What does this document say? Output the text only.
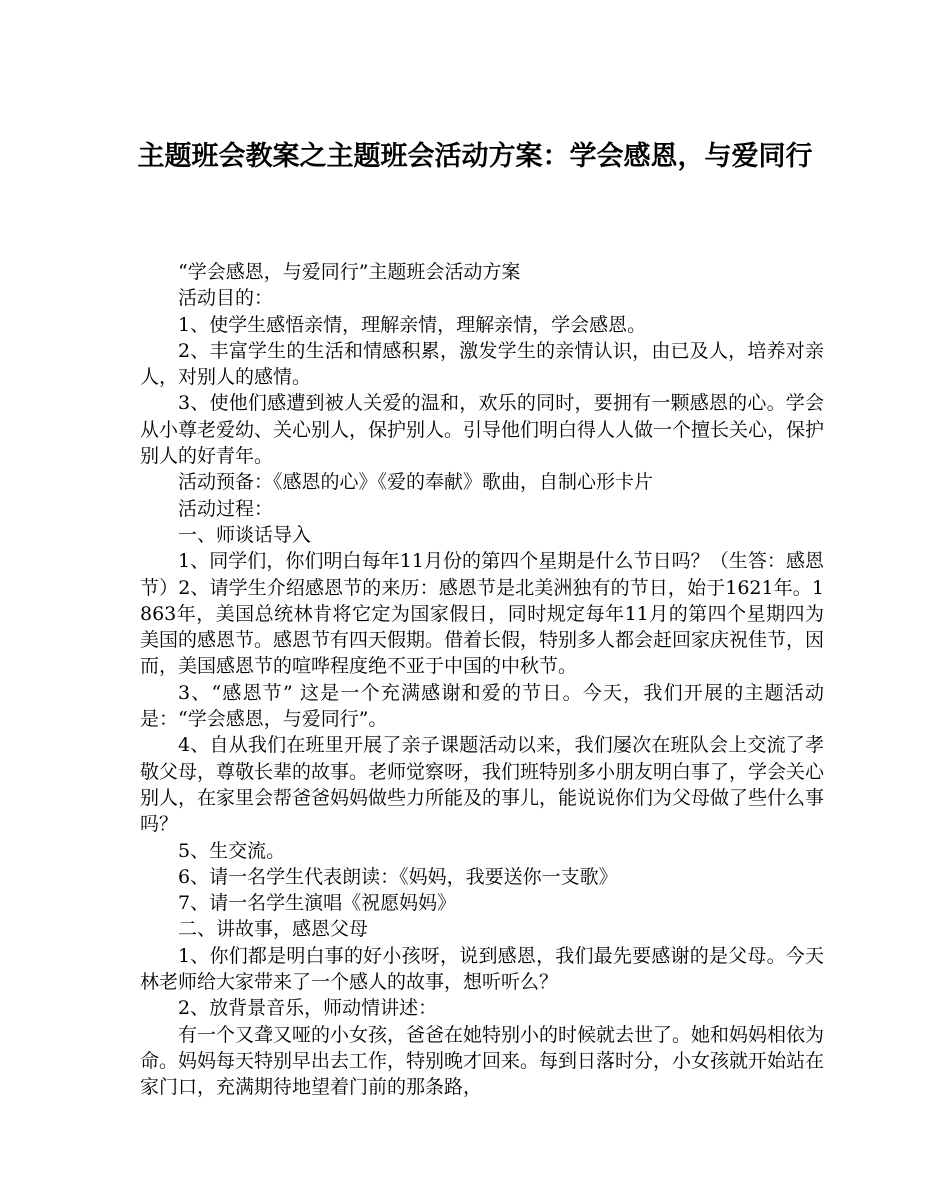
主题班会教案之主题班会活动方案：学会感恩，与爱同行

“学会感恩，与爱同行”主题班会活动方案

活动目的：

1、使学生感悟亲情，理解亲情，理解亲情，学会感恩。

2、丰富学生的生活和情感积累，激发学生的亲情认识，由已及人，培养对亲人，对别人的感情。

3、使他们感遭到被人关爱的温和，欢乐的同时，要拥有一颗感恩的心。学会从小尊老爱幼、关心别人，保护别人。引导他们明白得人人做一个擅长关心，保护别人的好青年。

活动预备：《感恩的心》《爱的奉献》歌曲，自制心形卡片

活动过程：

一、师谈话导入

1、同学们，你们明白每年11月份的第四个星期是什么节日吗？（生答：感恩节）2、请学生介绍感恩节的来历：感恩节是北美洲独有的节日，始于1621年。1863年，美国总统林肯将它定为国家假日，同时规定每年11月的第四个星期四为美国的感恩节。感恩节有四天假期。借着长假，特别多人都会赶回家庆祝佳节，因而，美国感恩节的喧哗程度绝不亚于中国的中秋节。

3、“感恩节” 这是一个充满感谢和爱的节日。今天，我们开展的主题活动是：“学会感恩，与爱同行”。

4、自从我们在班里开展了亲子课题活动以来，我们屡次在班队会上交流了孝敬父母，尊敬长辈的故事。老师觉察呀，我们班特别多小朋友明白事了，学会关心别人，在家里会帮爸爸妈妈做些力所能及的事儿，能说说你们为父母做了些什么事吗？

5、生交流。

6、请一名学生代表朗读：《妈妈，我要送你一支歌》

7、请一名学生演唱《祝愿妈妈》

二、讲故事，感恩父母

1、你们都是明白事的好小孩呀，说到感恩，我们最先要感谢的是父母。今天林老师给大家带来了一个感人的故事，想听听么？

2、放背景音乐，师动情讲述：

有一个又聋又哑的小女孩，爸爸在她特别小的时候就去世了。她和妈妈相依为命。妈妈每天特别早出去工作，特别晚才回来。每到日落时分，小女孩就开始站在家门口，充满期待地望着门前的那条路，
